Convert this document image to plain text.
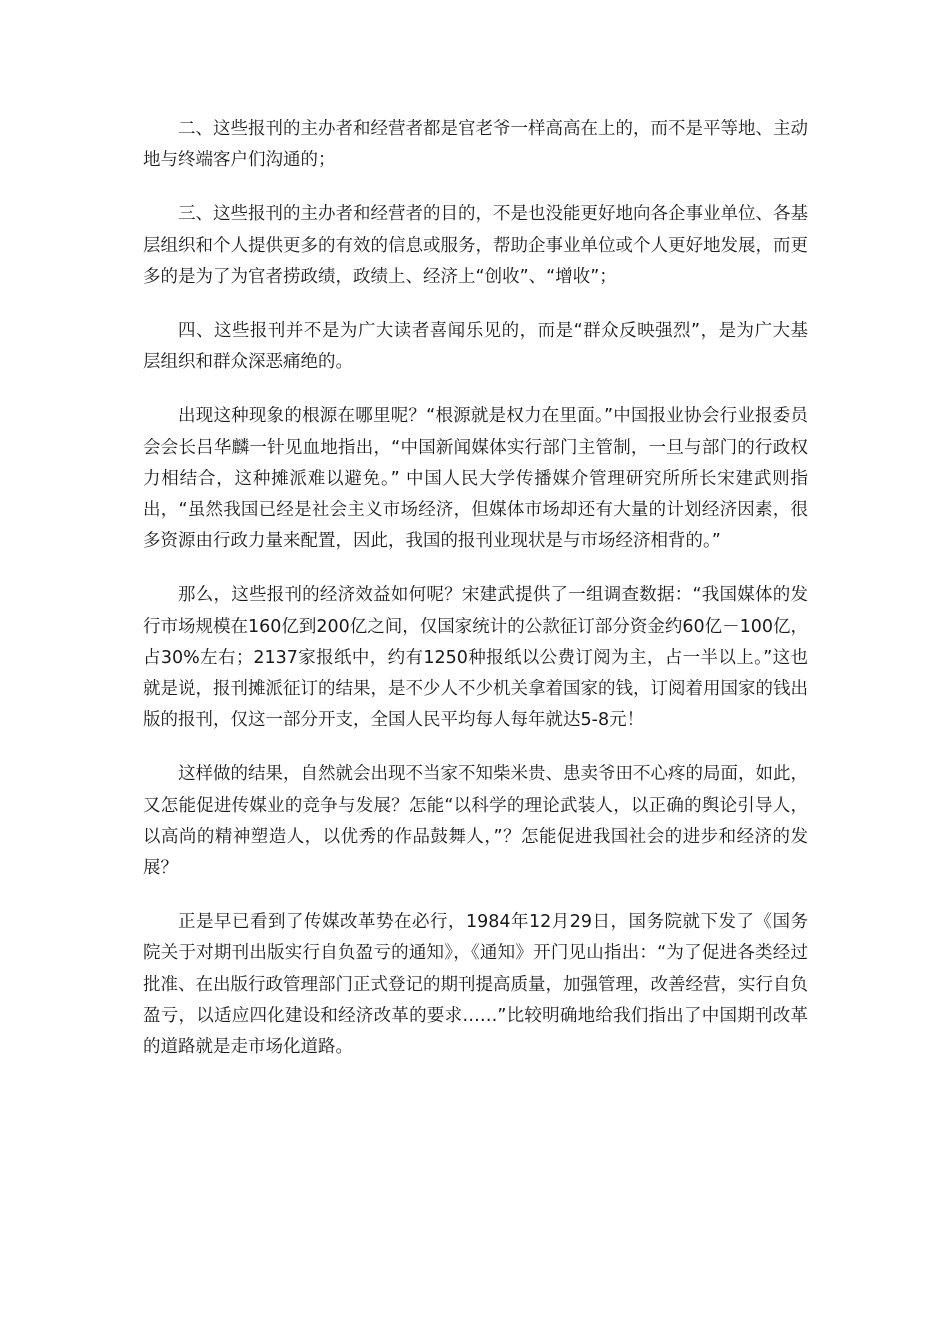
二、这些报刊的主办者和经营者都是官老爷一样高高在上的，而不是平等地、主动地与终端客户们沟通的；

三、这些报刊的主办者和经营者的目的，不是也没能更好地向各企事业单位、各基层组织和个人提供更多的有效的信息或服务，帮助企事业单位或个人更好地发展，而更多的是为了为官者捞政绩，政绩上、经济上“创收”、“增收”；

四、这些报刊并不是为广大读者喜闻乐见的，而是“群众反映强烈”，是为广大基层组织和群众深恶痛绝的。

出现这种现象的根源在哪里呢？“根源就是权力在里面。”中国报业协会行业报委员会会长吕华麟一针见血地指出，“中国新闻媒体实行部门主管制，一旦与部门的行政权力相结合，这种摊派难以避免。” 中国人民大学传播媒介管理研究所所长宋建武则指出，“虽然我国已经是社会主义市场经济，但媒体市场却还有大量的计划经济因素，很多资源由行政力量来配置，因此，我国的报刊业现状是与市场经济相背的。”

那么，这些报刊的经济效益如何呢？宋建武提供了一组调查数据：“我国媒体的发行市场规模在160亿到200亿之间，仅国家统计的公款征订部分资金约60亿－100亿，占30%左右；2137家报纸中，约有1250种报纸以公费订阅为主，占一半以上。”这也就是说，报刊摊派征订的结果，是不少人不少机关拿着国家的钱，订阅着用国家的钱出版的报刊，仅这一部分开支，全国人民平均每人每年就达5-8元！

这样做的结果，自然就会出现不当家不知柴米贵、患卖爷田不心疼的局面，如此，又怎能促进传媒业的竞争与发展？怎能“以科学的理论武装人，以正确的舆论引导人，以高尚的精神塑造人，以优秀的作品鼓舞人，”？怎能促进我国社会的进步和经济的发展？

正是早已看到了传媒改革势在必行，1984年12月29日，国务院就下发了《国务院关于对期刊出版实行自负盈亏的通知》，《通知》开门见山指出：“为了促进各类经过批准、在出版行政管理部门正式登记的期刊提高质量，加强管理，改善经营，实行自负盈亏，以适应四化建设和经济改革的要求……”比较明确地给我们指出了中国期刊改革的道路就是走市场化道路。
